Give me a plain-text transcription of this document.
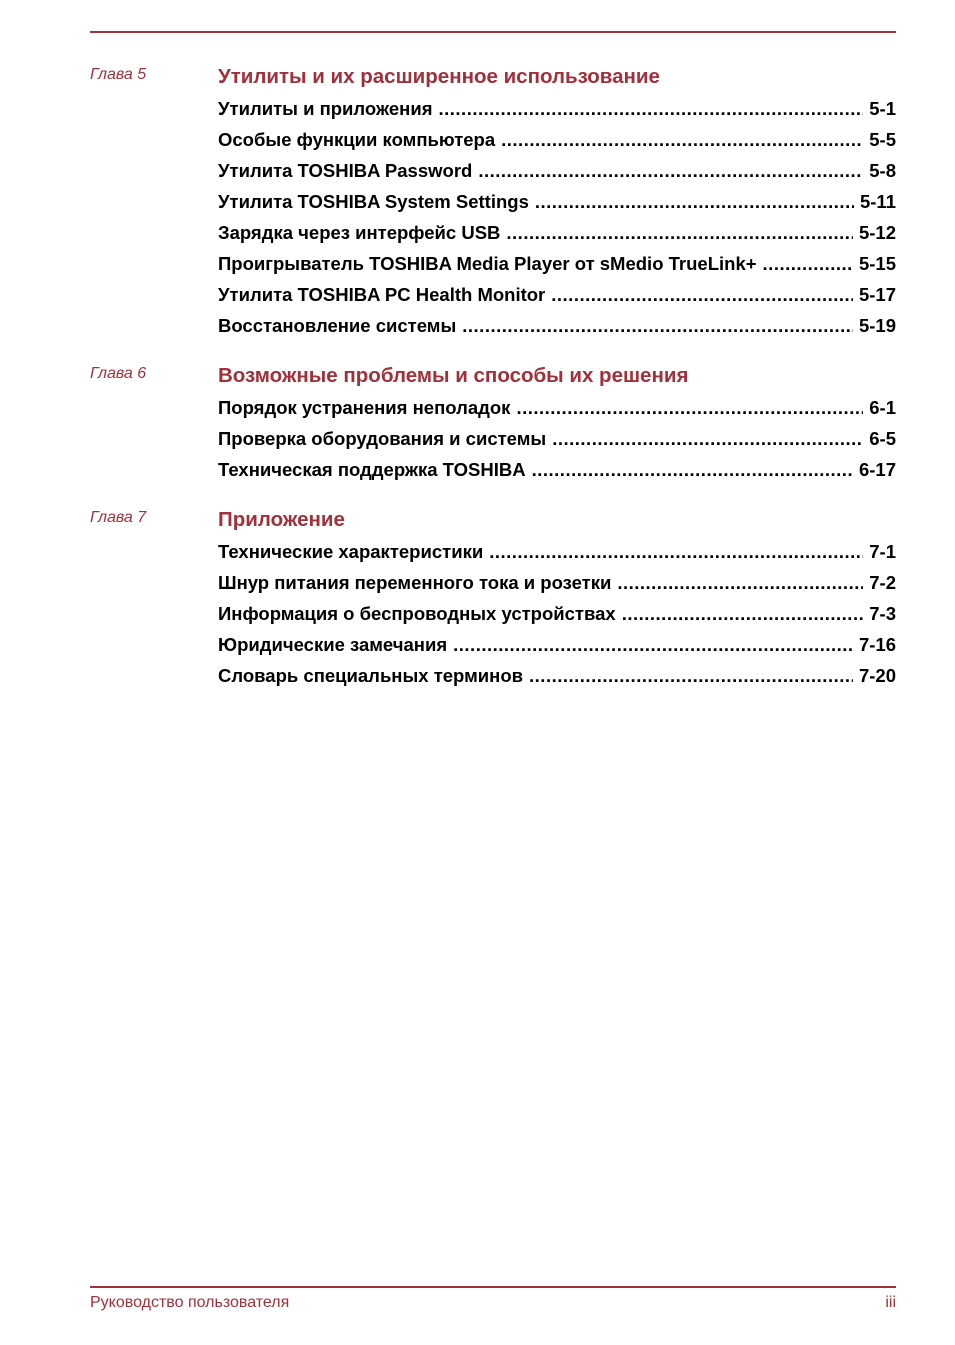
Глава 5	Утилиты и их расширенное использование
Утилиты и приложения .....	5-1
Особые функции компьютера .....	5-5
Утилита TOSHIBA Password .....	5-8
Утилита TOSHIBA System Settings .....	5-11
Зарядка через интерфейс USB .....	5-12
Проигрыватель TOSHIBA Media Player от sMedio TrueLink+ .....	5-15
Утилита TOSHIBA PC Health Monitor .....	5-17
Восстановление системы .....	5-19
Глава 6	Возможные проблемы и способы их решения
Порядок устранения неполадок .....	6-1
Проверка оборудования и системы .....	6-5
Техническая поддержка TOSHIBA .....	6-17
Глава 7	Приложение
Технические характеристики .....	7-1
Шнур питания переменного тока и розетки .....	7-2
Информация о беспроводных устройствах .....	7-3
Юридические замечания .....	7-16
Словарь специальных терминов .....	7-20
Руководство пользователя	iii
